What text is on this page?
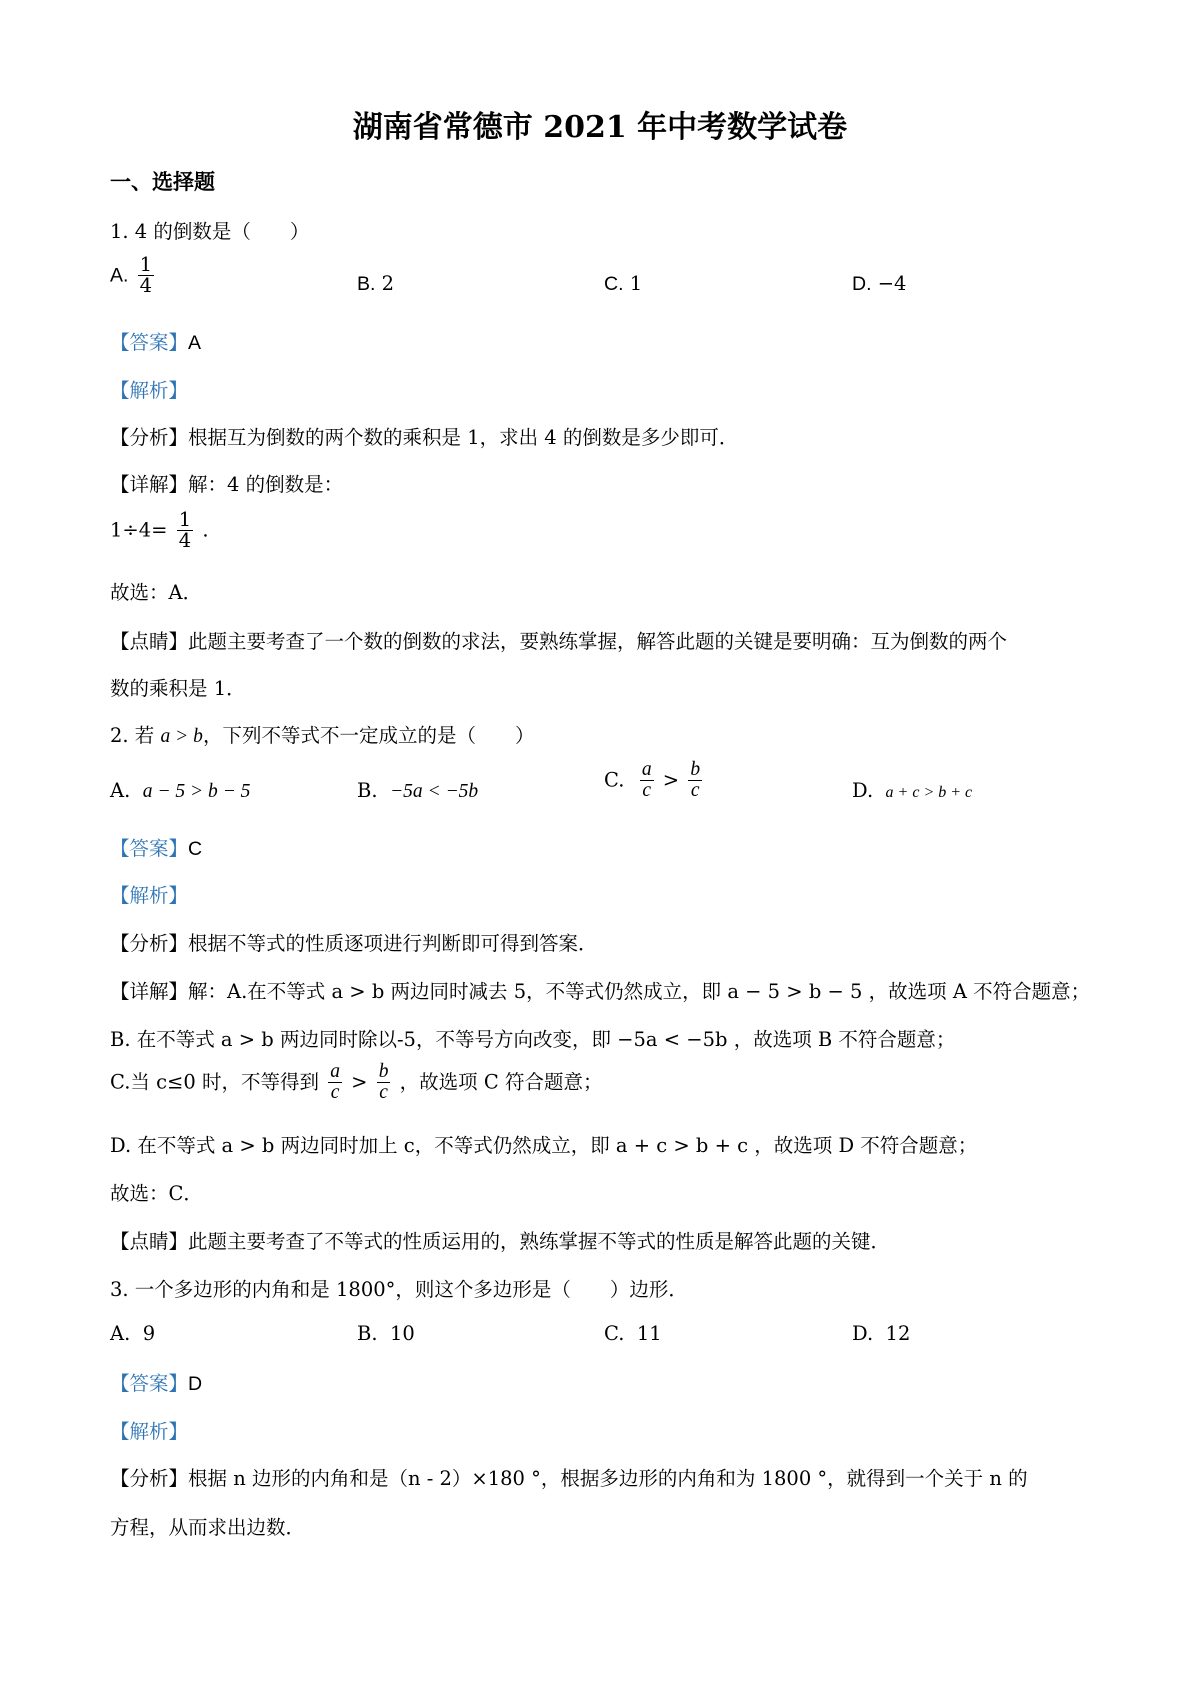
湖南省常德市 2021 年中考数学试卷
一、选择题
1. 4 的倒数是（　　）
A. $\frac{1}{4}$	B. 2	C. 1	D. −4
【答案】A
【解析】
【分析】根据互为倒数的两个数的乘积是 1，求出 4 的倒数是多少即可．
【详解】解：4 的倒数是：
$1\div 4= \frac{1}{4}$ .
故选：A．
【点睛】此题主要考查了一个数的倒数的求法，要熟练掌握，解答此题的关键是要明确：互为倒数的两个
数的乘积是 1．
2. 若 a > b，下列不等式不一定成立的是（　　）
A. a − 5 > b − 5	B. −5a < −5b
C. $\frac{a}{c} > \frac{b}{c}$	D. a + c > b + c
【答案】C
【解析】
【分析】根据不等式的性质逐项进行判断即可得到答案．
【详解】解：A.在不等式 a > b 两边同时减去 5，不等式仍然成立，即 a − 5 > b − 5 ，故选项 A 不符合题意；
B. 在不等式 a > b 两边同时除以-5，不等号方向改变，即 −5a < −5b ，故选项 B 不符合题意；
C.当 c≤0 时，不等得到 $\frac{a}{c} > \frac{b}{c}$ ，故选项 C 符合题意；
D. 在不等式 a > b 两边同时加上 c，不等式仍然成立，即 a + c > b + c ，故选项 D 不符合题意；
故选：C．
【点睛】此题主要考查了不等式的性质运用的，熟练掌握不等式的性质是解答此题的关键．
3. 一个多边形的内角和是 1800°，则这个多边形是（　　）边形．
A. 9	B. 10	C. 11	D. 12
【答案】D
【解析】
【分析】根据 n 边形的内角和是（n - 2）×180 °，根据多边形的内角和为 1800 °，就得到一个关于 n 的
方程，从而求出边数．
